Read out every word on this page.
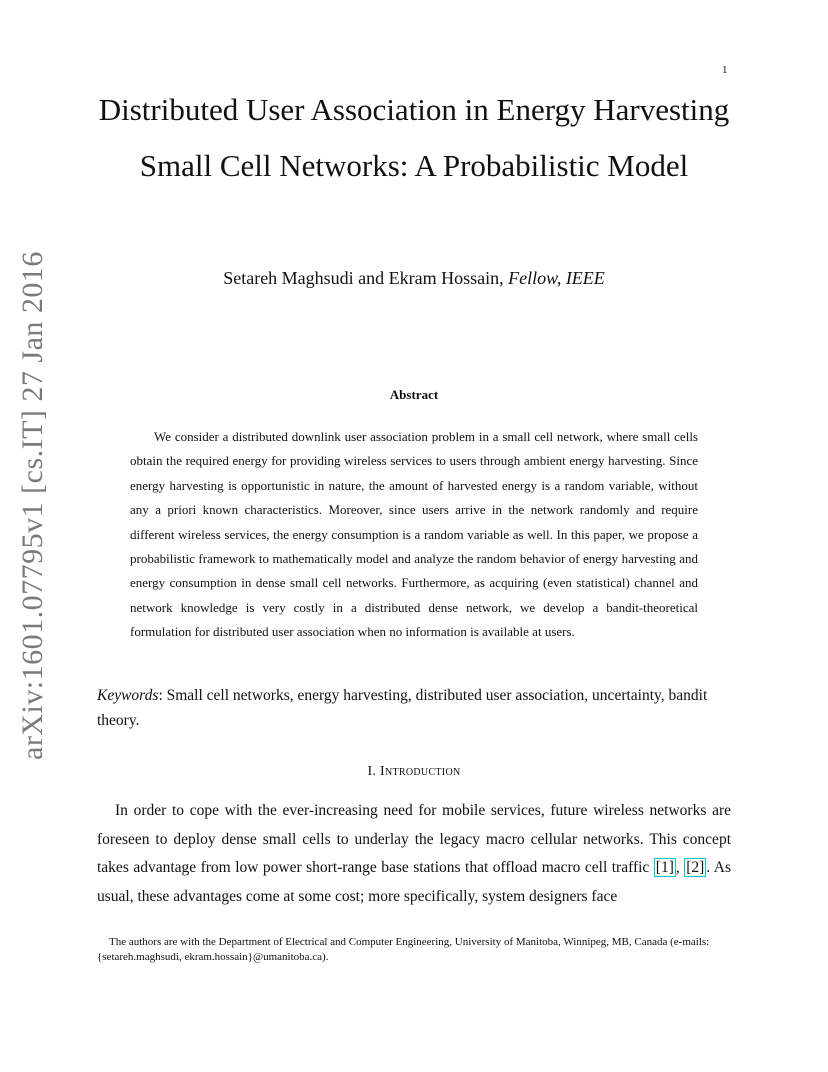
1
arXiv:1601.07795v1 [cs.IT] 27 Jan 2016
Distributed User Association in Energy Harvesting Small Cell Networks: A Probabilistic Model
Setareh Maghsudi and Ekram Hossain, Fellow, IEEE
Abstract

We consider a distributed downlink user association problem in a small cell network, where small cells obtain the required energy for providing wireless services to users through ambient energy harvesting. Since energy harvesting is opportunistic in nature, the amount of harvested energy is a random variable, without any a priori known characteristics. Moreover, since users arrive in the network randomly and require different wireless services, the energy consumption is a random variable as well. In this paper, we propose a probabilistic framework to mathematically model and analyze the random behavior of energy harvesting and energy consumption in dense small cell networks. Furthermore, as acquiring (even statistical) channel and network knowledge is very costly in a distributed dense network, we develop a bandit-theoretical formulation for distributed user association when no information is available at users.

Keywords: Small cell networks, energy harvesting, distributed user association, uncertainty, bandit theory.

I. Introduction

In order to cope with the ever-increasing need for mobile services, future wireless networks are foreseen to deploy dense small cells to underlay the legacy macro cellular networks. This concept takes advantage from low power short-range base stations that offload macro cell traffic [1] , [2] . As usual, these advantages come at some cost; more specifically, system designers face

The authors are with the Department of Electrical and Computer Engineering, University of Manitoba, Winnipeg, MB, Canada (e-mails: {setareh.maghsudi, ekram.hossain}@umanitoba.ca).
